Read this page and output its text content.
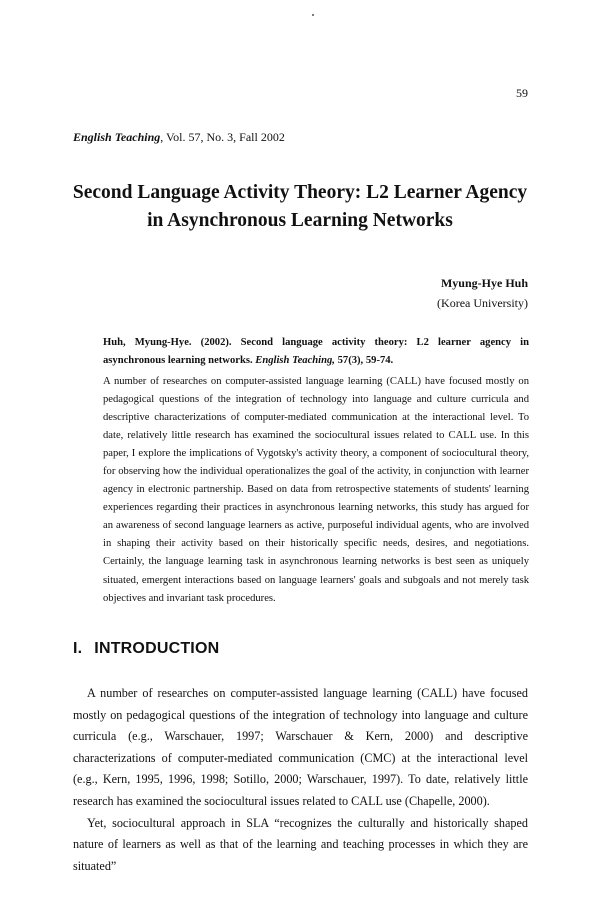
59
English Teaching, Vol. 57, No. 3, Fall 2002
Second Language Activity Theory: L2 Learner Agency
in Asynchronous Learning Networks
Myung-Hye Huh
(Korea University)
Huh, Myung-Hye. (2002). Second language activity theory: L2 learner agency in asynchronous learning networks. English Teaching, 57(3), 59-74.

A number of researches on computer-assisted language learning (CALL) have focused mostly on pedagogical questions of the integration of technology into language and culture curricula and descriptive characterizations of computer-mediated communication at the interactional level. To date, relatively little research has examined the sociocultural issues related to CALL use. In this paper, I explore the implications of Vygotsky's activity theory, a component of sociocultural theory, for observing how the individual operationalizes the goal of the activity, in conjunction with learner agency in electronic partnership. Based on data from retrospective statements of students' learning experiences regarding their practices in asynchronous learning networks, this study has argued for an awareness of second language learners as active, purposeful individual agents, who are involved in shaping their activity based on their historically specific needs, desires, and negotiations. Certainly, the language learning task in asynchronous learning networks is best seen as uniquely situated, emergent interactions based on language learners' goals and subgoals and not merely task objectives and invariant task procedures.

I. INTRODUCTION

A number of researches on computer-assisted language learning (CALL) have focused mostly on pedagogical questions of the integration of technology into language and culture curricula (e.g., Warschauer, 1997; Warschauer & Kern, 2000) and descriptive characterizations of computer-mediated communication (CMC) at the interactional level (e.g., Kern, 1995, 1996, 1998; Sotillo, 2000; Warschauer, 1997). To date, relatively little research has examined the sociocultural issues related to CALL use (Chapelle, 2000).

Yet, sociocultural approach in SLA “recognizes the culturally and historically shaped nature of learners as well as that of the learning and teaching processes in which they are situated”
